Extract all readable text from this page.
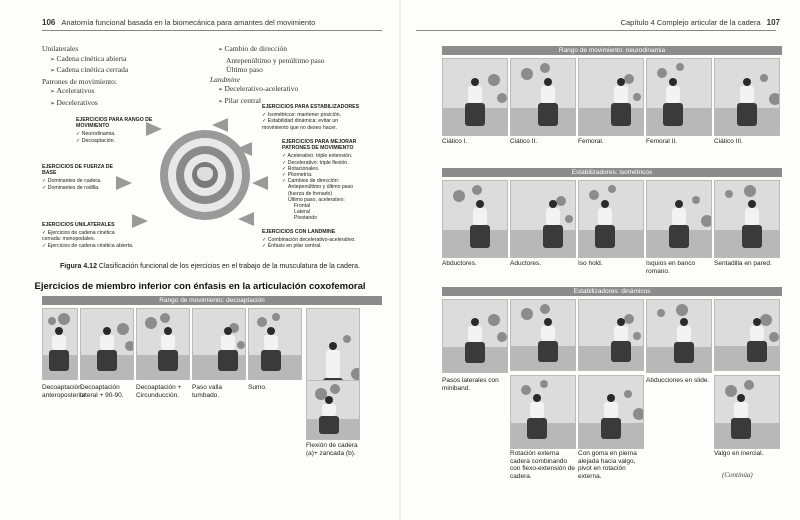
106 Anatomía funcional basada en la biomecánica para amantes del movimiento
Unilaterales
➢ Cadena cinética abierta
➢ Cadena cinética cerrada
Patrones de movimiento:
➢ Acelerativos
➢ Decelerativos
➢ Cambio de dirección
Antepenúltimo y penúltimo paso
Último paso
Landmine
➢ Decelerativo-acelerativo
➢ Pilar central
EJERCICIOS PARA RANGO DE MOVIMIENTO
✓ Neurodinamia.
✓ Decoaptación.
EJERCICIOS PARA ESTABILIZADORES
✓ Isométricos: mantener posición.
✓ Estabilidad dinámica: evitar un movimiento que no deseo hacer.
EJERCICIOS PARA MEJORAR PATRONES DE MOVIMIENTO
✓ Acelerativo: triple extensión.
✓ Decelerativo: triple flexión.
✓ Rotacionales.
✓ Pliometría.
✓ Cambios de dirección:
Antepenúltimo y último paso (fuerza de frenado)
Último paso, acelerativo:
Frontal
Lateral
Pivotando
EJERCICIOS DE FUERZA DE BASE
✓ Dominantes de cadera.
✓ Dominantes de rodilla.
EJERCICIOS UNILATERALES
✓ Ejercicios de cadena cinética cerrada: monopodales.
✓ Ejercicios de cadena cinética abierta.
EJERCICIOS CON LANDMINE
✓ Combinación decelerativo-acelerativo.
✓ Énfasis en pilar central.
Figura 4.12 Clasificación funcional de los ejercicios en el trabajo de la musculatura de la cadera.
Ejercicios de miembro inferior con énfasis en la articulación coxofemoral
Rango de movimiento: decoaptación
Decoaptación anteroposterior.
Decoaptación lateral + 90-90.
Decoaptación + Circunducción.
Paso valla tumbado.
Sumo.
Flexión de cadera (a)+ zancada (b).
Capítulo 4 Complejo articular de la cadera 107
Rango de movimiento: neurodinamia
Estabilizadores: isométricos
Estabilizadores: dinámicos
Ciático I.
Abductores.
Ciático II.
Aductores.
Femoral.
Iso hold.
Femoral II.
Isquios en banco romano.
Ciático III.
Sentadilla en pared.
Pasos laterales con miniband.
Rotación externa cadera combinando con flexo-extensión de cadera.
Con goma en pierna alejada hacia valgo, pivot en rotación externa.
Abducciones en slide.
Valgo en inercial.
(Continúa)
